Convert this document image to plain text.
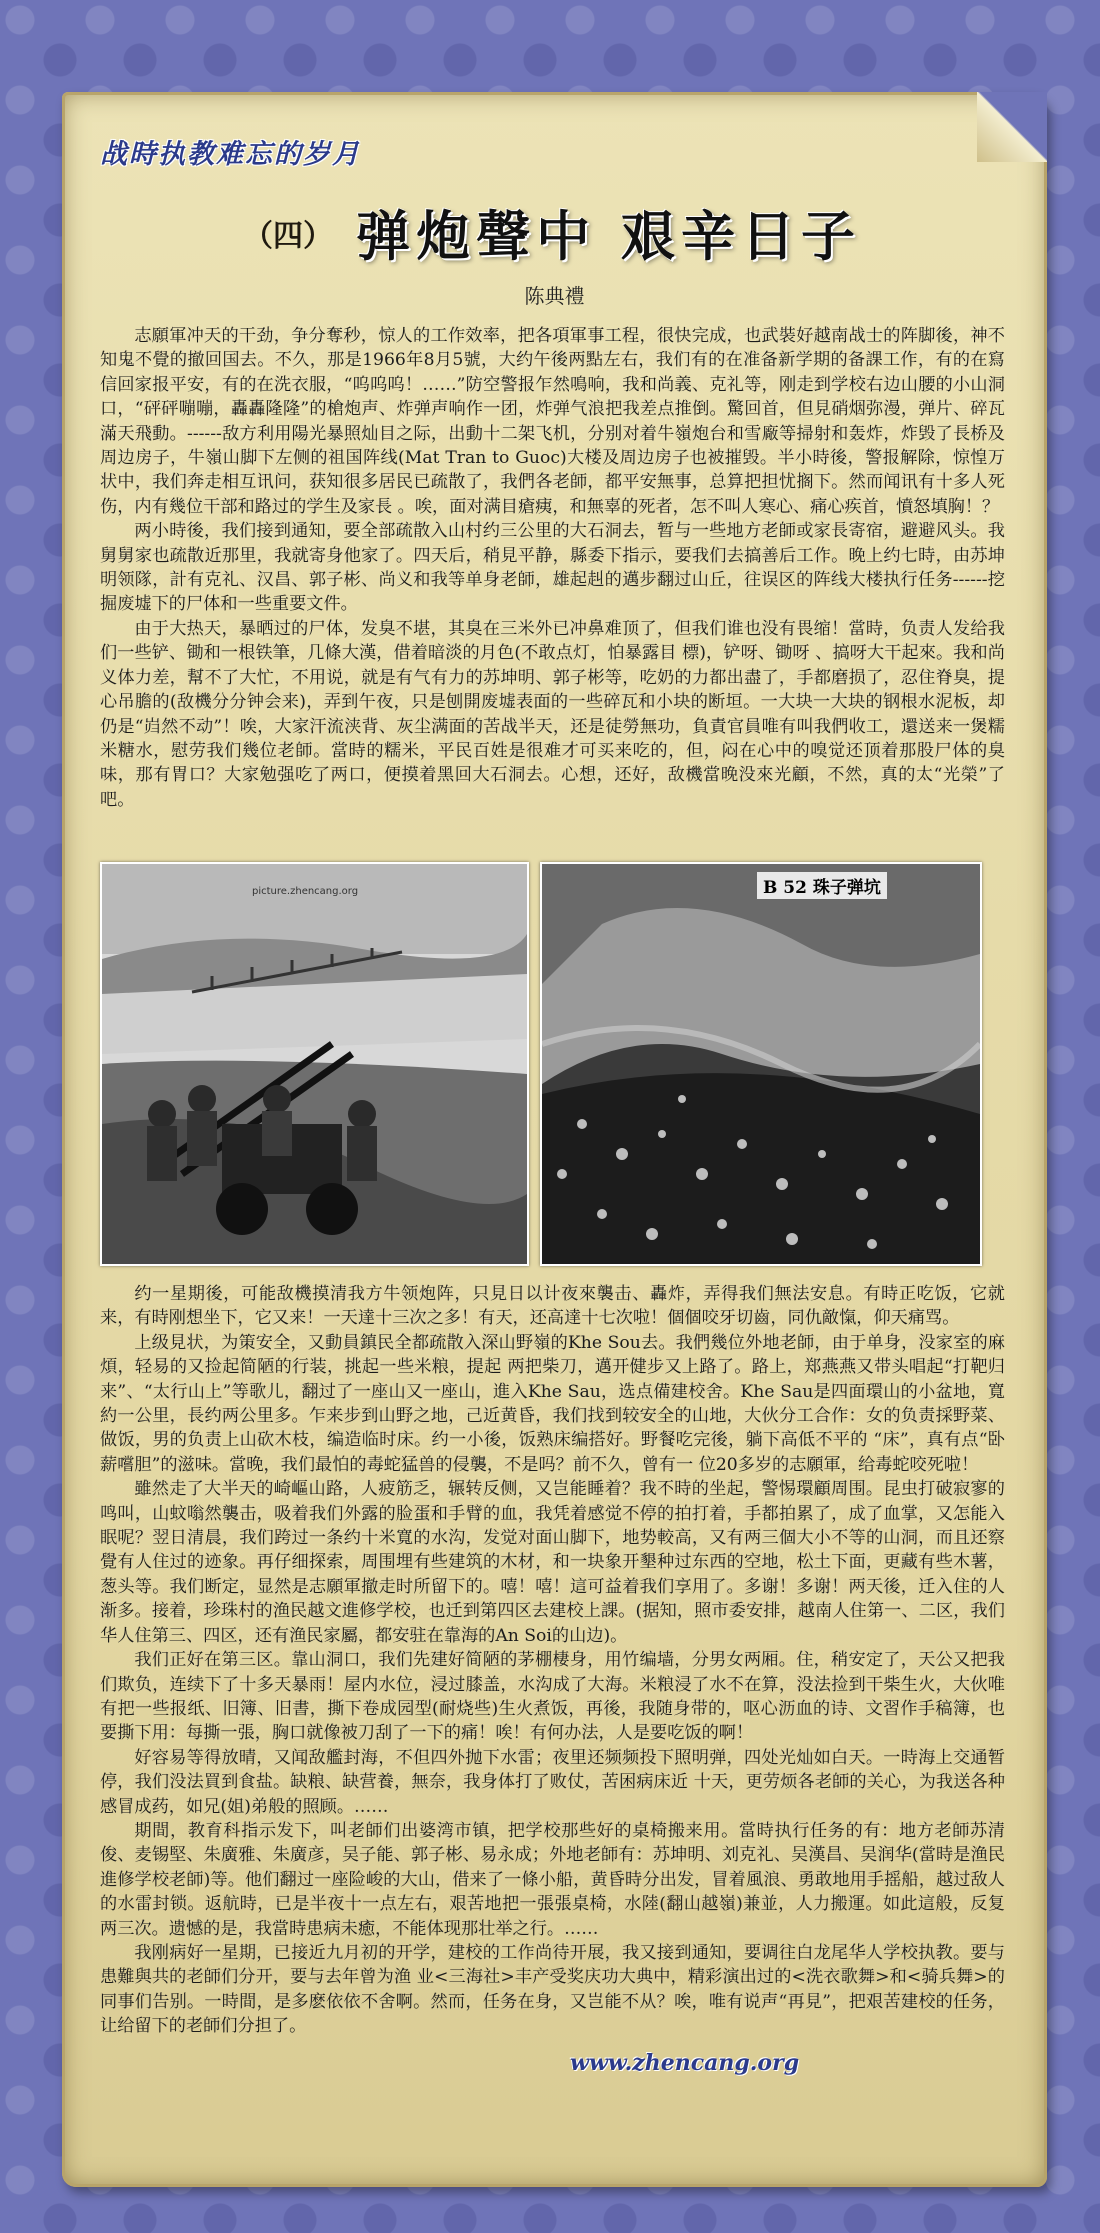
战時执教难忘的岁月
（四） 弹炮聲中 艰辛日子
陈典禮

志願軍冲天的干劲，争分奪秒，惊人的工作效率，把各項軍事工程，很快完成，也武裝好越南战士的阵脚後，神不知鬼不覺的撤回国去。不久，那是1966年8月5號，大约午後两點左右，我们有的在准备新学期的备課工作，有的在寫信回家报平安，有的在洗衣服，“呜呜呜！……”防空警报乍然鳴响，我和尚義、克礼等，刚走到学校右边山腰的小山洞口，“砰砰嘣嘣，轟轟隆隆”的槍炮声、炸弹声响作一团，炸弹气浪把我差点推倒。驚回首，但見硝烟弥漫，弹片、碎瓦滿天飛動。------敌方利用陽光暴照灿目之际，出動十二架飞机，分别对着牛嶺炮台和雪廠等掃射和轰炸，炸毁了長桥及周边房子，牛嶺山脚下左侧的祖国阵线(Mat Tran to Guoc)大楼及周边房子也被摧毁。半小時後，警报解除，惊惶万状中，我们奔走相互讯问，获知很多居民已疏散了，我們各老師，都平安無事，总算把担忧搁下。然而闻讯有十多人死伤，内有幾位干部和路过的学生及家長 。唉，面对满目瘡痍，和無辜的死者，怎不叫人寒心、痛心疾首，憤怒填胸！？

两小時後，我们接到通知，要全部疏散入山村约三公里的大石洞去，暂与一些地方老師或家長寄宿，避避风头。我舅舅家也疏散近那里，我就寄身他家了。四天后，稍見平静，縣委下指示，要我们去搞善后工作。晚上约七時，由苏坤明领隊，計有克礼、汉昌、郭子彬、尚义和我等单身老師，雄起赳的邁步翻过山丘，往误区的阵线大楼执行任务------挖掘废墟下的尸体和一些重要文件。

由于大热天，暴晒过的尸体，发臭不堪，其臭在三米外已冲鼻难顶了，但我们谁也没有畏缩！當時，负责人发给我们一些铲、锄和一根铁筆，几條大漢，借着暗淡的月色(不敢点灯，怕暴露目 標)，铲呀、锄呀 、搞呀大干起來。我和尚义体力差，幫不了大忙，不用说，就是有气有力的苏坤明、郭子彬等，吃奶的力都出盡了，手都磨损了，忍住脊臭，提心吊膽的(敌機分分钟会来)，弄到午夜，只是刨開废墟表面的一些碎瓦和小块的断垣。一大块一大块的钢根水泥板，却仍是“岿然不动”！唉，大家汗流浃背、灰尘满面的苦战半天，还是徒勞無功，負責官員唯有叫我們收工，還送来一煲糯米糖水，慰劳我们幾位老師。當時的糯米，平民百姓是很难才可买来吃的，但，闷在心中的嗅觉还顶着那股尸体的臭味，那有胃口？大家勉强吃了两口，便摸着黑回大石洞去。心想，还好，敌機當晚没來光顧，不然，真的太“光榮”了吧。

picture.zhencang.org	B 52 珠子弹坑

约一星期後，可能敌機摸清我方牛领炮阵，只見日以计夜來襲击、轟炸，弄得我们無法安息。有時正吃饭，它就来，有時刚想坐下，它又来！一天達十三次之多！有天，还高達十七次啦！個個咬牙切齒，同仇敵愾，仰天痛骂。

上级見状，为策安全，又動員鎮民全都疏散入深山野嶺的Khe Sou去。我們幾位外地老師，由于单身，没家室的麻煩，轻易的又捡起简陋的行装，挑起一些米粮，提起 两把柴刀，邁开健步又上路了。路上，郑燕燕又带头唱起“打靶归来”、“太行山上”等歌儿，翻过了一座山又一座山，進入Khe Sau，选点備建校舍。Khe Sau是四面環山的小盆地，寬約一公里，長约两公里多。乍来步到山野之地，己近黄昏，我们找到较安全的山地，大伙分工合作：女的负责採野菜、 做饭，男的负责上山砍木枝，编造临时床。约一小後，饭熟床编搭好。野餐吃完後，躺下高低不平的 “床”，真有点“卧薪嚐胆”的滋味。當晚，我们最怕的毒蛇猛兽的侵襲，不是吗？前不久，曾有一 位20多岁的志願軍，给毒蛇咬死啦！

雖然走了大半天的崎嶇山路，人疲筋乏，辗转反侧，又岂能睡着？我不時的坐起，警惕環顧周围。昆虫打破寂寥的鸣叫，山蚊嗡然襲击，吸着我们外露的脸蛋和手臂的血，我凭着感觉不停的拍打着，手都拍累了，成了血掌，又怎能入眠呢？翌日清晨，我们跨过一条约十米寬的水沟，发觉对面山脚下，地势較高，又有两三個大小不等的山洞，而且还察覺有人住过的迹象。再仔细探索，周围埋有些建筑的木材，和一块象开墾种过东西的空地，松土下面，更藏有些木薯，葱头等。我们断定，显然是志願軍撤走时所留下的。嘻！嘻！這可益着我们享用了。多谢！多谢！两天後，迁入住的人渐多。接着，珍珠村的渔民越文進修学校，也迁到第四区去建校上課。(据知，照市委安排，越南人住第一、二区，我们华人住第三、四区，还有渔民家屬，都安驻在靠海的An Soi的山边)。

我们正好在第三区。靠山洞口，我们先建好简陋的茅棚棲身，用竹编墙，分男女两厢。住，稍安定了，天公又把我们欺负，连续下了十多天暴雨！屋内水位，浸过膝盖，水沟成了大海。米粮浸了水不在算，没法捡到干柴生火，大伙唯有把一些报纸、旧簿、旧書，撕下卷成园型(耐烧些)生火煮饭，再後，我随身带的，呕心沥血的诗、文習作手稿簿，也要撕下用：每撕一張，胸口就像被刀刮了一下的痛！唉！有何办法，人是要吃饭的啊！

好容易等得放晴，又闻敌艦封海，不但四外抛下水雷；夜里还频频投下照明弹，四处光灿如白天。一時海上交通暂停，我们没法買到食盐。缺粮、缺营養，無奈，我身体打了败仗，苦困病床近 十天，更劳烦各老師的关心，为我送各种感冒成药，如兄(姐)弟般的照顾。……

期間，教育科指示发下，叫老師们出婆湾市镇，把学校那些好的桌椅搬来用。當時执行任务的有：地方老師苏清俊、麦锡堅、朱廣雅、朱廣彦，吴子能、郭子彬、易永成；外地老師有：苏坤明、刘克礼、吴漢昌、吴润华(當時是渔民進修学校老師)等。他们翻过一座险峻的大山，借来了一條小船，黄昏時分出发，冒着風浪、勇敢地用手摇船，越过敌人的水雷封锁。返航時，已是半夜十一点左右，艰苦地把一張張桌椅，水陸(翻山越嶺)兼並，人力搬運。如此這般，反复两三次。遗憾的是，我當時患病未癒，不能体现那壮举之行。……

我刚病好一星期，已接近九月初的开学，建校的工作尚待开展，我又接到通知，要调往白龙尾华人学校执教。要与患難與共的老師们分开，要与去年曾为渔 业<三海社>丰产受奖庆功大典中，精彩演出过的<洗衣歌舞>和<骑兵舞>的同事们告别。一時間，是多麽依依不舍啊。然而，任务在身，又岂能不从？唉，唯有说声“再見”，把艰苦建校的任务，让给留下的老師们分担了。

www.zhencang.org
